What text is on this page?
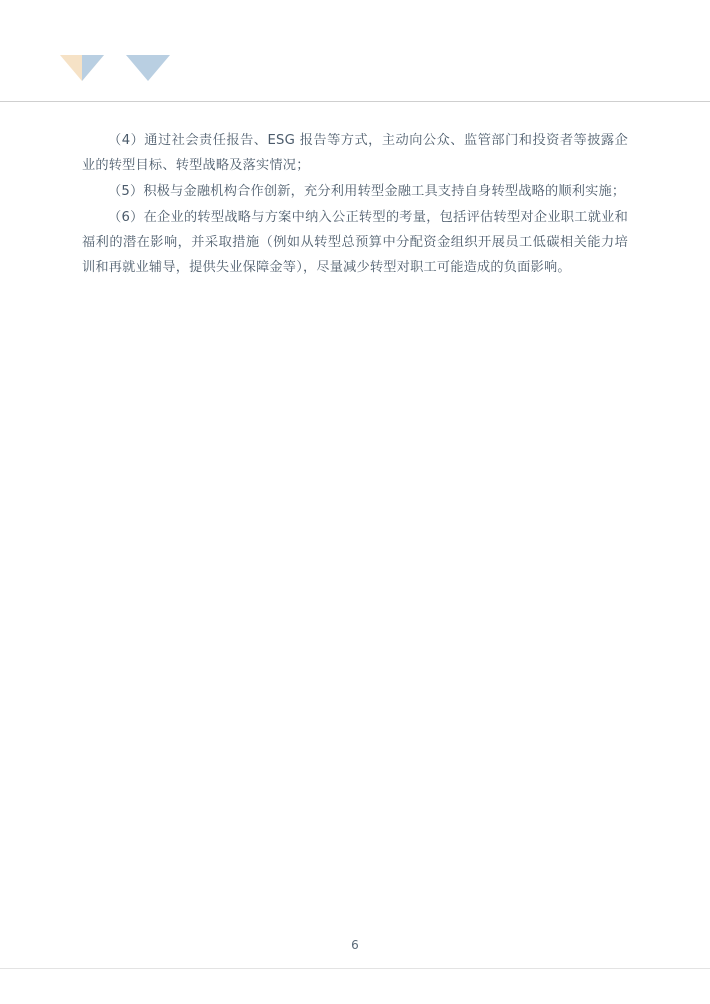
（4）通过社会责任报告、ESG 报告等方式，主动向公众、监管部门和投资者等披露企业的转型目标、转型战略及落实情况；

（5）积极与金融机构合作创新，充分利用转型金融工具支持自身转型战略的顺利实施；

（6）在企业的转型战略与方案中纳入公正转型的考量，包括评估转型对企业职工就业和福利的潜在影响，并采取措施（例如从转型总预算中分配资金组织开展员工低碳相关能力培训和再就业辅导，提供失业保障金等），尽量减少转型对职工可能造成的负面影响。

6
